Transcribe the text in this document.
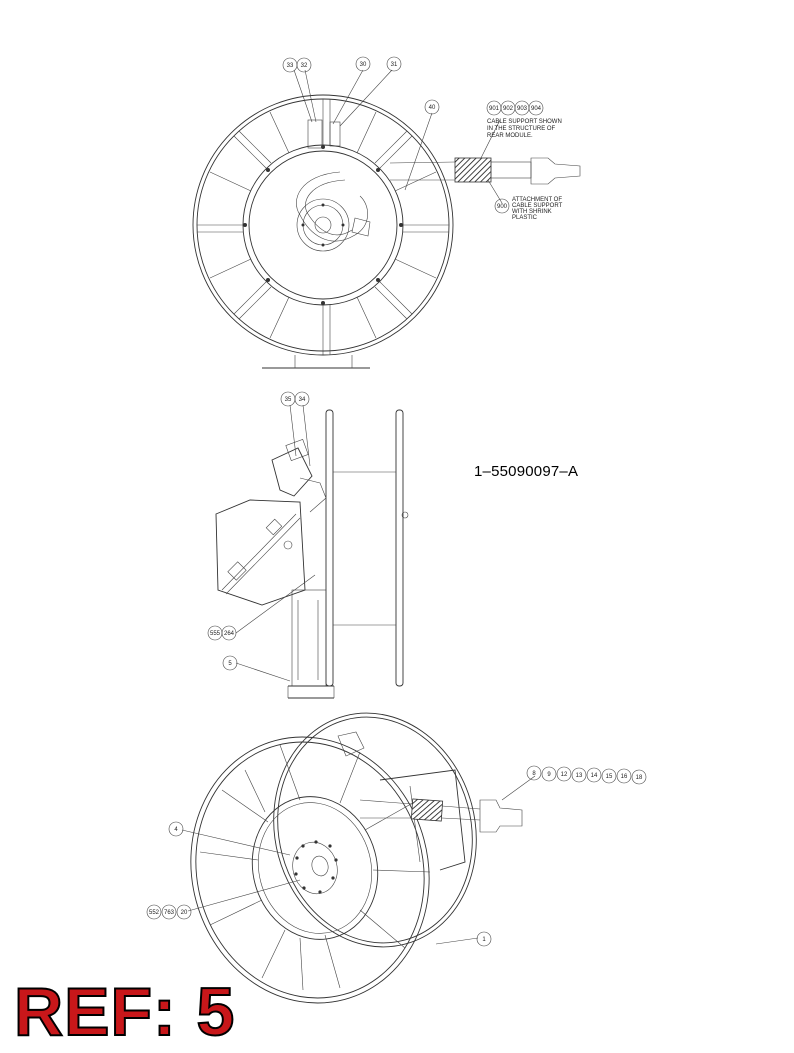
33 32	30	31
40	901 902 903 904
900
CABLE SUPPORT SHOWN
IN THE STRUCTURE OF
REAR MODULE.
ATTACHMENT OF
CABLE SUPPORT
WITH SHRINK
PLASTIC
35 34
555 264
5
8 9 12 13 14 15 16 18
4
552 763 20
1
1–55090097–A
REF: 5
